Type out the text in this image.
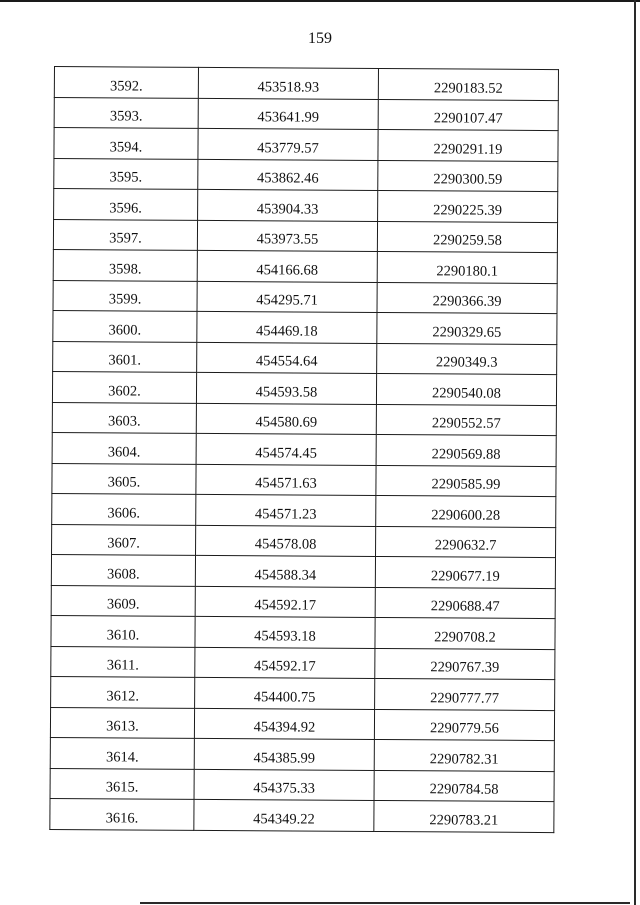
159
3592.	453518.93	2290183.52
3593.	453641.99	2290107.47
3594.	453779.57	2290291.19
3595.	453862.46	2290300.59
3596.	453904.33	2290225.39
3597.	453973.55	2290259.58
3598.	454166.68	2290180.1
3599.	454295.71	2290366.39
3600.	454469.18	2290329.65
3601.	454554.64	2290349.3
3602.	454593.58	2290540.08
3603.	454580.69	2290552.57
3604.	454574.45	2290569.88
3605.	454571.63	2290585.99
3606.	454571.23	2290600.28
3607.	454578.08	2290632.7
3608.	454588.34	2290677.19
3609.	454592.17	2290688.47
3610.	454593.18	2290708.2
3611.	454592.17	2290767.39
3612.	454400.75	2290777.77
3613.	454394.92	2290779.56
3614.	454385.99	2290782.31
3615.	454375.33	2290784.58
3616.	454349.22	2290783.21
